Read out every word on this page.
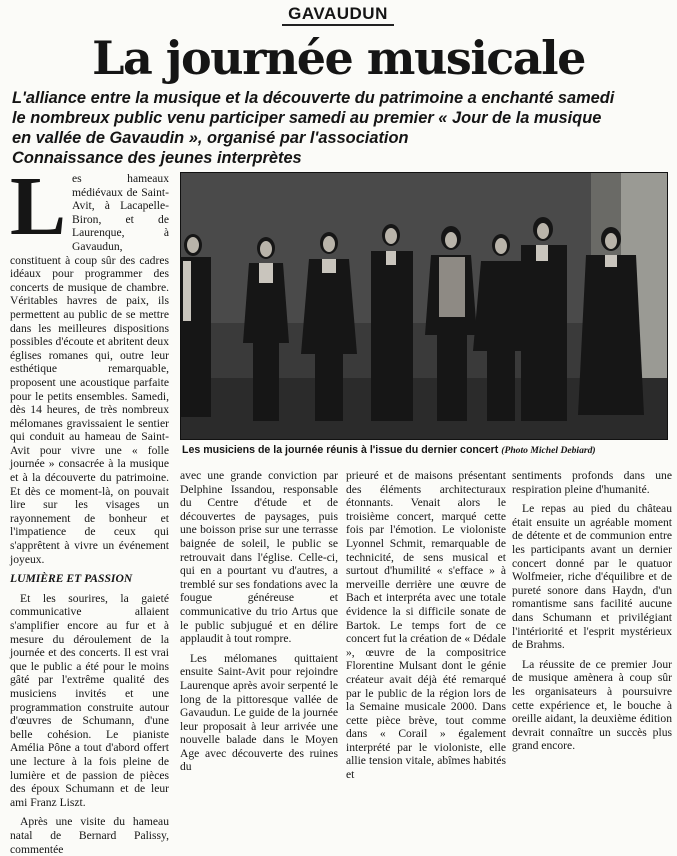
GAVAUDUN
La journée musicale
L'alliance entre la musique et la découverte du patrimoine a enchanté samedi
le nombreux public venu participer samedi au premier « Jour de la musique
en vallée de Gavaudin », organisé par l'association
Connaissance des jeunes interprètes

Les hameaux médiévaux de Saint-Avit, à Lacapelle-Biron, et de Laurenque, à Gavaudun, constituent à coup sûr des cadres idéaux pour programmer des concerts de musique de chambre. Véritables havres de paix, ils permettent au public de se mettre dans les meilleures dispositions possibles d'écoute et abritent deux églises romanes qui, outre leur esthétique remarquable, proposent une acoustique parfaite pour le petits ensembles. Samedi, dès 14 heures, de très nombreux mélomanes gravissaient le sentier qui conduit au hameau de Saint-Avit pour vivre une « folle journée » consacrée à la musique et à la découverte du patrimoine. Et dès ce moment-là, on pouvait lire sur les visages un rayonnement de bonheur et l'impatience de ceux qui s'apprêtent à vivre un événement joyeux.

LUMIÈRE ET PASSION

Et les sourires, la gaieté communicative allaient s'amplifier encore au fur et à mesure du déroulement de la journée et des concerts. Il est vrai que le public a été pour le moins gâté par l'extrême qualité des musiciens invités et une programmation construite autour d'œuvres de Schumann, d'une belle cohésion. Le pianiste Amélia Pône a tout d'abord offert une lecture à la fois pleine de lumière et de passion de pièces des époux Schumann et de leur ami Franz Liszt.

Après une visite du hameau natal de Bernard Palissy, commentée

Les musiciens de la journée réunis à l'issue du dernier concert (Photo Michel Debiard)

avec une grande conviction par Delphine Issandou, responsable du Centre d'étude et de découvertes de paysages, puis une boisson prise sur une terrasse baignée de soleil, le public se retrouvait dans l'église. Celle-ci, qui en a pourtant vu d'autres, a tremblé sur ses fondations avec la fougue généreuse et communicative du trio Artus que le public subjugué et en délire applaudit à tout rompre.

Les mélomanes quittaient ensuite Saint-Avit pour rejoindre Laurenque après avoir serpenté le long de la pittoresque vallée de Gavaudun. Le guide de la journée leur proposait à leur arrivée une nouvelle balade dans le Moyen Age avec découverte des ruines du

prieuré et de maisons présentant des éléments architecturaux étonnants. Venait alors le troisième concert, marqué cette fois par l'émotion. Le violoniste Lyonnel Schmit, remarquable de technicité, de sens musical et surtout d'humilité « s'efface » à merveille derrière une œuvre de Bach et interpréta avec une totale évidence la si difficile sonate de Bartok. Le temps fort de ce concert fut la création de « Dédale », œuvre de la compositrice Florentine Mulsant dont le génie créateur avait déjà été remarqué par le public de la région lors de la Semaine musicale 2000. Dans cette pièce brève, tout comme dans « Corail » également interprété par le violoniste, elle allie tension vitale, abîmes habités et

sentiments profonds dans une respiration pleine d'humanité.

Le repas au pied du château était ensuite un agréable moment de détente et de communion entre les participants avant un dernier concert donné par le quatuor Wolfmeier, riche d'équilibre et de pureté sonore dans Haydn, d'un romantisme sans facilité aucune dans Schumann et privilégiant l'intériorité et l'esprit mystérieux de Brahms.

La réussite de ce premier Jour de musique amènera à coup sûr les organisateurs à poursuivre cette expérience et, le bouche à oreille aidant, la deuxième édition devrait connaître un succès plus grand encore.
